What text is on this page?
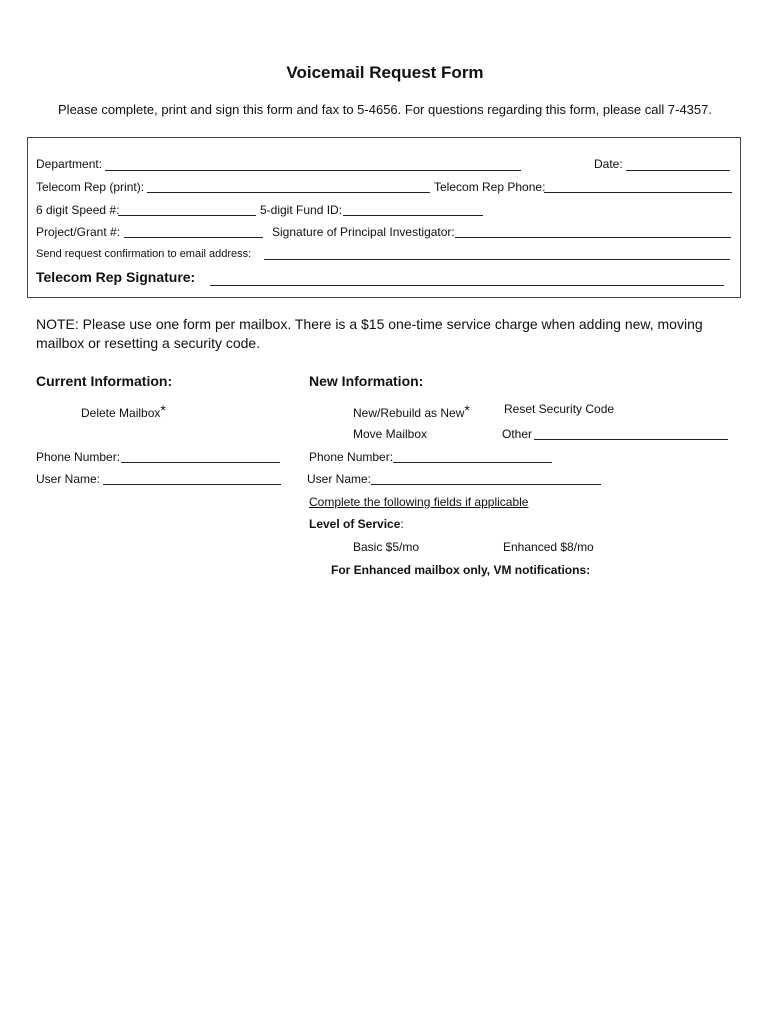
Voicemail Request Form
Please complete, print and sign this form and fax to 5-4656. For questions regarding this form, please call 7-4357.
Department:	Date:
Telecom Rep (print):	Telecom Rep Phone:
6 digit Speed #:	5-digit Fund ID:
Project/Grant #:	Signature of Principal Investigator:
Send request confirmation to email address:
Telecom Rep Signature:
NOTE: Please use one form per mailbox. There is a $15 one-time service charge when adding new, moving mailbox or resetting a security code.
Current Information:
Delete Mailbox*
Phone Number:
User Name:
New Information:
New/Rebuild as New*	Reset Security Code
Move Mailbox	Other
Phone Number:
User Name:
Complete the following fields if applicable
Level of Service:
Basic $5/mo	Enhanced $8/mo
For Enhanced mailbox only, VM notifications:
